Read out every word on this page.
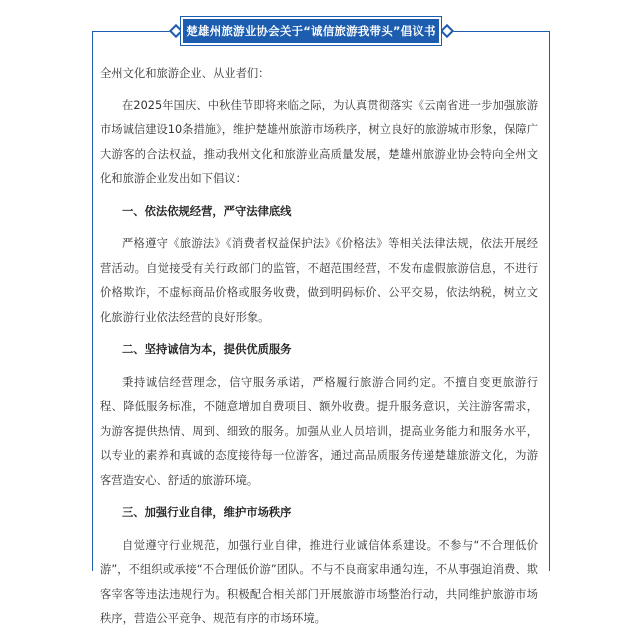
楚雄州旅游业协会关于“诚信旅游我带头”倡议书

全州文化和旅游企业、从业者们：

在2025年国庆、中秋佳节即将来临之际，为认真贯彻落实《云南省进一步加强旅游市场诚信建设10条措施》，维护楚雄州旅游市场秩序，树立良好的旅游城市形象，保障广大游客的合法权益，推动我州文化和旅游业高质量发展，楚雄州旅游业协会特向全州文化和旅游企业发出如下倡议：

一、依法依规经营，严守法律底线

严格遵守《旅游法》《消费者权益保护法》《价格法》等相关法律法规，依法开展经营活动。自觉接受有关行政部门的监管，不超范围经营，不发布虚假旅游信息，不进行价格欺诈，不虚标商品价格或服务收费，做到明码标价、公平交易，依法纳税，树立文化旅游行业依法经营的良好形象。

二、坚持诚信为本，提供优质服务

秉持诚信经营理念，信守服务承诺，严格履行旅游合同约定。不擅自变更旅游行程、降低服务标准，不随意增加自费项目、额外收费。提升服务意识，关注游客需求，为游客提供热情、周到、细致的服务。加强从业人员培训，提高业务能力和服务水平，以专业的素养和真诚的态度接待每一位游客，通过高品质服务传递楚雄旅游文化，为游客营造安心、舒适的旅游环境。

三、加强行业自律，维护市场秩序

自觉遵守行业规范，加强行业自律，推进行业诚信体系建设。不参与“不合理低价游”，不组织或承接“不合理低价游”团队。不与不良商家串通勾连，不从事强迫消费、欺客宰客等违法违规行为。积极配合相关部门开展旅游市场整治行动，共同维护旅游市场秩序，营造公平竞争、规范有序的市场环境。
